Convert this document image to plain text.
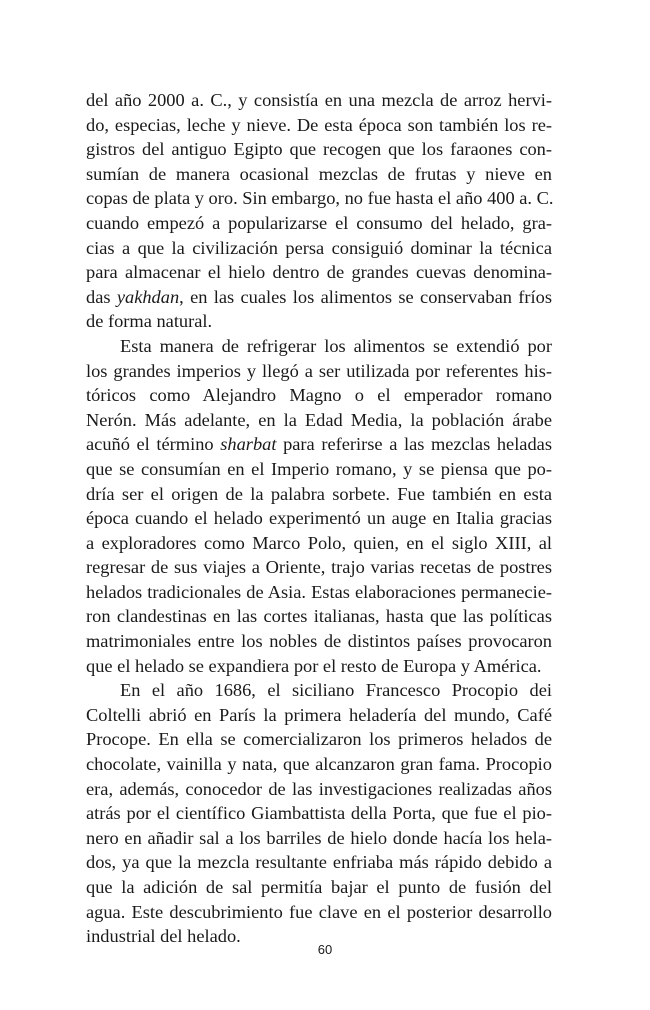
del año 2000 a. C., y consistía en una mezcla de arroz hervi-
do, especias, leche y nieve. De esta época son también los re-
gistros del antiguo Egipto que recogen que los faraones con-
sumían de manera ocasional mezclas de frutas y nieve en
copas de plata y oro. Sin embargo, no fue hasta el año 400 a. C.
cuando empezó a popularizarse el consumo del helado, gra-
cias a que la civilización persa consiguió dominar la técnica
para almacenar el hielo dentro de grandes cuevas denomina-
das yakhdan, en las cuales los alimentos se conservaban fríos
de forma natural.
Esta manera de refrigerar los alimentos se extendió por
los grandes imperios y llegó a ser utilizada por referentes his-
tóricos como Alejandro Magno o el emperador romano
Nerón. Más adelante, en la Edad Media, la población árabe
acuñó el término sharbat para referirse a las mezclas heladas
que se consumían en el Imperio romano, y se piensa que po-
dría ser el origen de la palabra sorbete. Fue también en esta
época cuando el helado experimentó un auge en Italia gracias
a exploradores como Marco Polo, quien, en el siglo XIII, al
regresar de sus viajes a Oriente, trajo varias recetas de postres
helados tradicionales de Asia. Estas elaboraciones permanecie-
ron clandestinas en las cortes italianas, hasta que las políticas
matrimoniales entre los nobles de distintos países provocaron
que el helado se expandiera por el resto de Europa y América.
En el año 1686, el siciliano Francesco Procopio dei
Coltelli abrió en París la primera heladería del mundo, Café
Procope. En ella se comercializaron los primeros helados de
chocolate, vainilla y nata, que alcanzaron gran fama. Procopio
era, además, conocedor de las investigaciones realizadas años
atrás por el científico Giambattista della Porta, que fue el pio-
nero en añadir sal a los barriles de hielo donde hacía los hela-
dos, ya que la mezcla resultante enfriaba más rápido debido a
que la adición de sal permitía bajar el punto de fusión del
agua. Este descubrimiento fue clave en el posterior desarrollo
industrial del helado.
60
